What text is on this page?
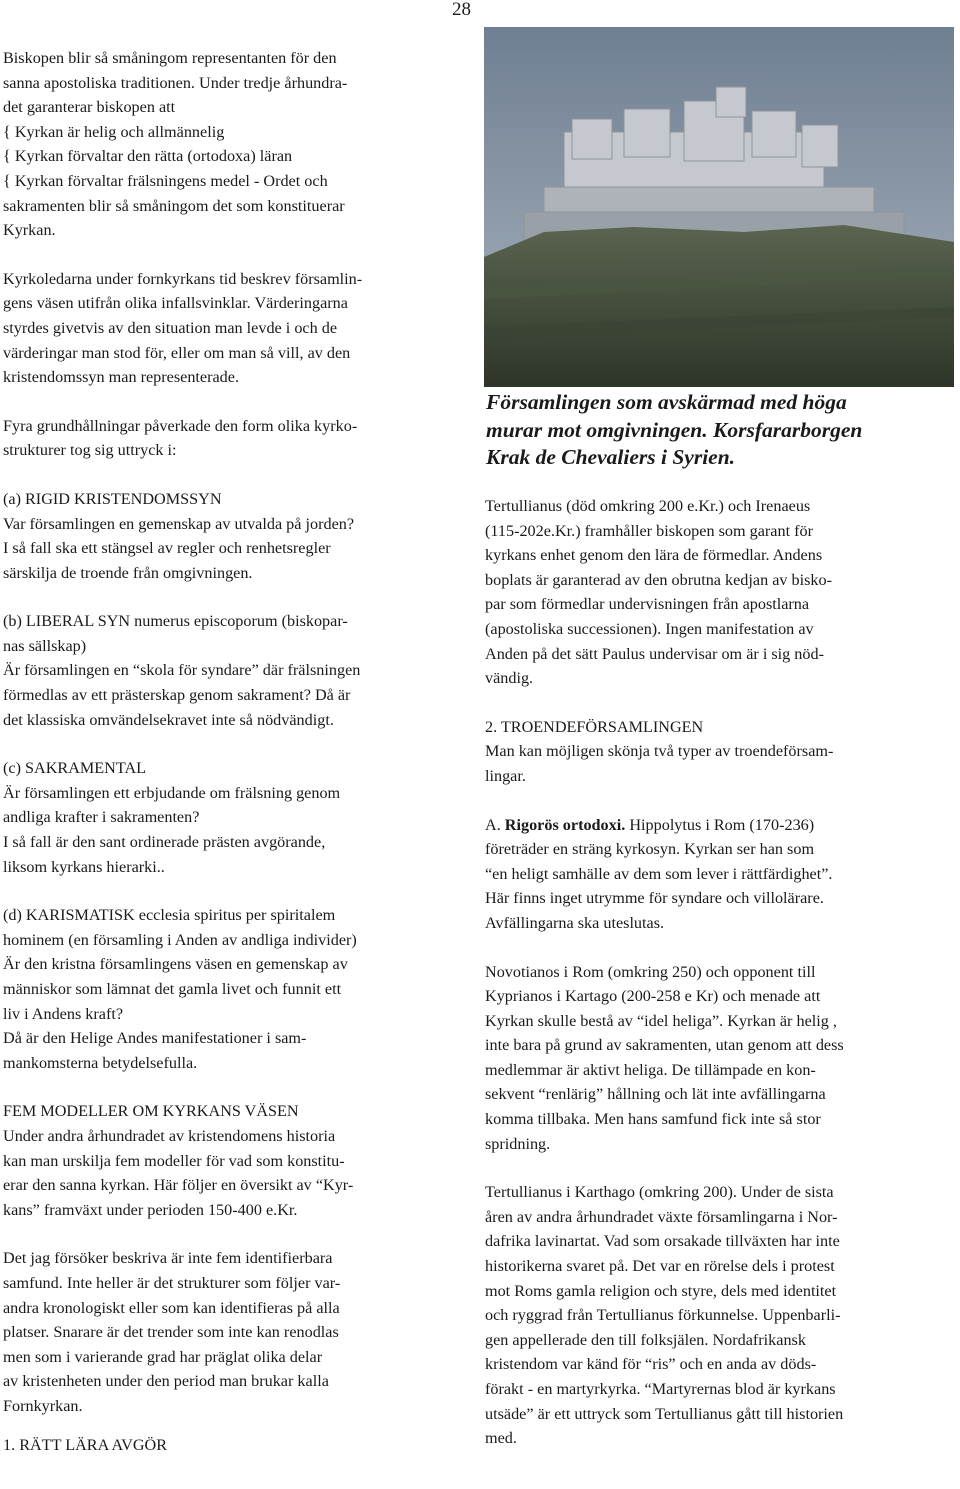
28

Biskopen blir så småningom representanten för den
sanna apostoliska traditionen. Under tredje århundra-
det garanterar biskopen att
{ Kyrkan är helig och allmännelig
{ Kyrkan förvaltar den rätta (ortodoxa) läran
{ Kyrkan förvaltar frälsningens medel - Ordet och
sakramenten blir så småningom det som konstituerar
Kyrkan.

Kyrkoledarna under fornkyrkans tid beskrev församlin-
gens väsen utifrån olika infallsvinklar. Värderingarna
styrdes givetvis av den situation man levde i och de
värderingar man stod för, eller om man så vill, av den
kristendomssyn man representerade.

Fyra grundhållningar påverkade den form olika kyrko-
strukturer tog sig uttryck i:

(a) RIGID KRISTENDOMSSYN
Var församlingen en gemenskap av utvalda på jorden?
I så fall ska ett stängsel av regler och renhetsregler
särskilja de troende från omgivningen.

(b) LIBERAL SYN numerus episcoporum (biskopar-
nas sällskap)
Är församlingen en “skola för syndare” där frälsningen
förmedlas av ett prästerskap genom sakrament? Då är
det klassiska omvändelsekravet inte så nödvändigt.

(c) SAKRAMENTAL
Är församlingen ett erbjudande om frälsning genom
andliga krafter i sakramenten?
I så fall är den sant ordinerade prästen avgörande,
liksom kyrkans hierarki..

(d) KARISMATISK ecclesia spiritus per spiritalem
hominem (en församling i Anden av andliga individer)
Är den kristna församlingens väsen en gemenskap av
människor som lämnat det gamla livet och funnit ett
liv i Andens kraft?
Då är den Helige Andes manifestationer i sam-
mankomsterna betydelsefulla.

FEM MODELLER OM KYRKANS VÄSEN
Under andra århundradet av kristendomens historia
kan man urskilja fem modeller för vad som konstitu-
erar den sanna kyrkan. Här följer en översikt av “Kyr-
kans” framväxt under perioden 150-400 e.Kr.

Det jag försöker beskriva är inte fem identifierbara
samfund. Inte heller är det strukturer som följer var-
andra kronologiskt eller som kan identifieras på alla
platser. Snarare är det trender som inte kan renodlas
men som i varierande grad har präglat olika delar
av kristenheten under den period man brukar kalla
Fornkyrkan.

1. RÄTT LÄRA AVGÖR

Församlingen som avskärmad med höga
murar mot omgivningen. Korsfararborgen
Krak de Chevaliers i Syrien.

Tertullianus (död omkring 200 e.Kr.) och Irenaeus
(115-202e.Kr.) framhåller biskopen som garant för
kyrkans enhet genom den lära de förmedlar. Andens
boplats är garanterad av den obrutna kedjan av bisko-
par som förmedlar undervisningen från apostlarna
(apostoliska successionen). Ingen manifestation av
Anden på det sätt Paulus undervisar om är i sig nöd-
vändig.

2. TROENDEFÖRSAMLINGEN
Man kan möjligen skönja två typer av troendeförsam-
lingar.

A. Rigorös ortodoxi. Hippolytus i Rom (170-236)
företräder en sträng kyrkosyn. Kyrkan ser han som
“en heligt samhälle av dem som lever i rättfärdighet”.
Här finns inget utrymme för syndare och villolärare.
Avfällingarna ska uteslutas.

Novotianos i Rom (omkring 250) och opponent till
Kyprianos i Kartago (200-258 e Kr) och menade att
Kyrkan skulle bestå av “idel heliga”. Kyrkan är helig ,
inte bara på grund av sakramenten, utan genom att dess
medlemmar är aktivt heliga. De tillämpade en kon-
sekvent “renlärig” hållning och lät inte avfällingarna
komma tillbaka. Men hans samfund fick inte så stor
spridning.

Tertullianus i Karthago (omkring 200). Under de sista
åren av andra århundradet växte församlingarna i Nor-
dafrika lavinartat. Vad som orsakade tillväxten har inte
historikerna svaret på. Det var en rörelse dels i protest
mot Roms gamla religion och styre, dels med identitet
och ryggrad från Tertullianus förkunnelse. Uppenbarli-
gen appellerade den till folksjälen. Nordafrikansk
kristendom var känd för “ris” och en anda av döds-
förakt - en martyrkyrka. “Martyrernas blod är kyrkans
utsäde” är ett uttryck som Tertullianus gått till historien
med.
